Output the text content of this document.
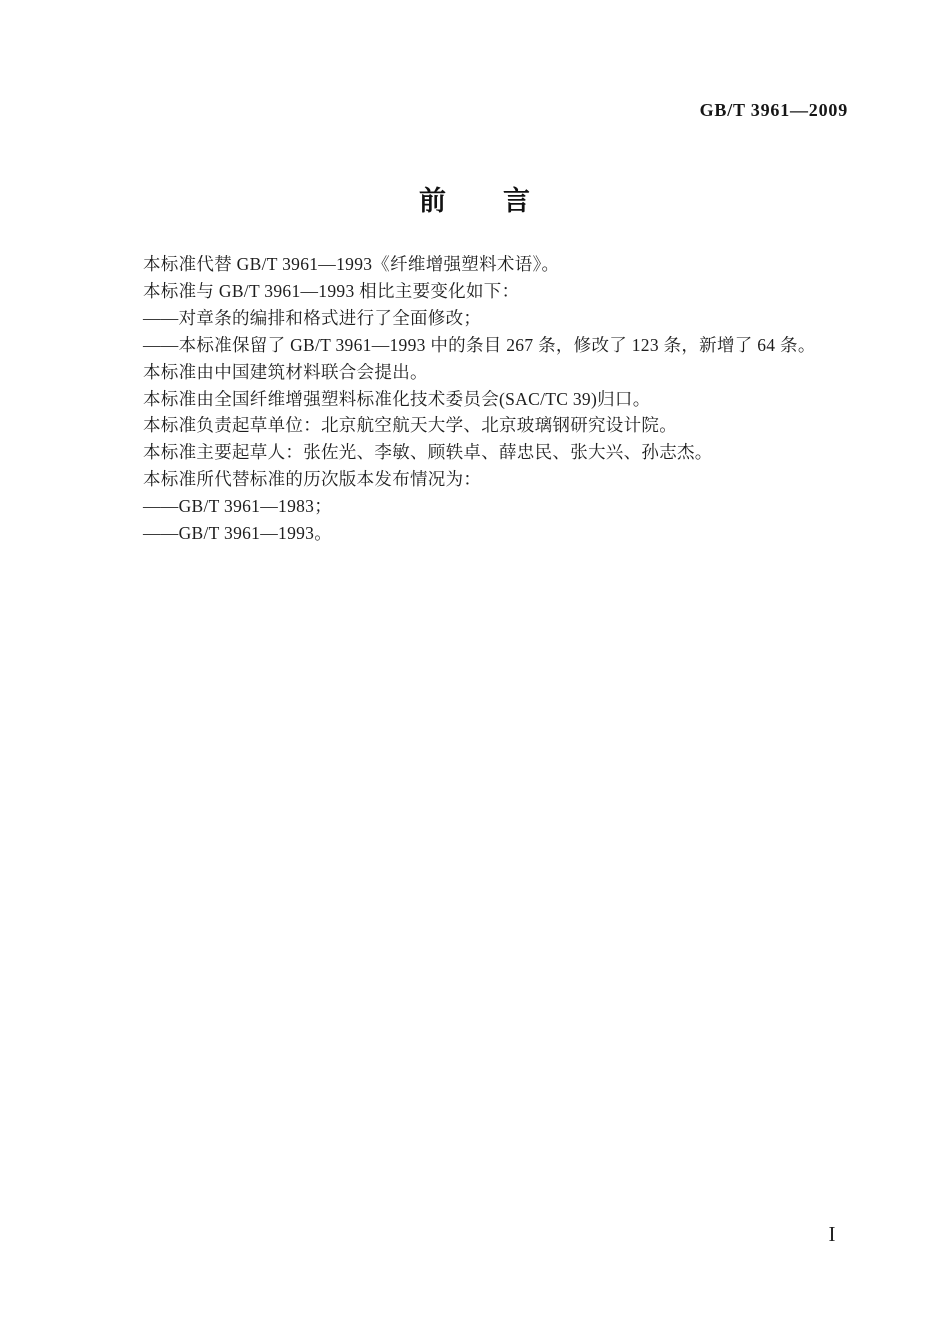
GB/T 3961—2009
前　　言

本标准代替 GB/T 3961—1993《纤维增强塑料术语》。

本标准与 GB/T 3961—1993 相比主要变化如下：

——对章条的编排和格式进行了全面修改；

——本标准保留了 GB/T 3961—1993 中的条目 267 条，修改了 123 条，新增了 64 条。

本标准由中国建筑材料联合会提出。

本标准由全国纤维增强塑料标准化技术委员会(SAC/TC 39)归口。

本标准负责起草单位：北京航空航天大学、北京玻璃钢研究设计院。

本标准主要起草人：张佐光、李敏、顾轶卓、薛忠民、张大兴、孙志杰。

本标准所代替标准的历次版本发布情况为：

——GB/T 3961—1983；

——GB/T 3961—1993。

I
